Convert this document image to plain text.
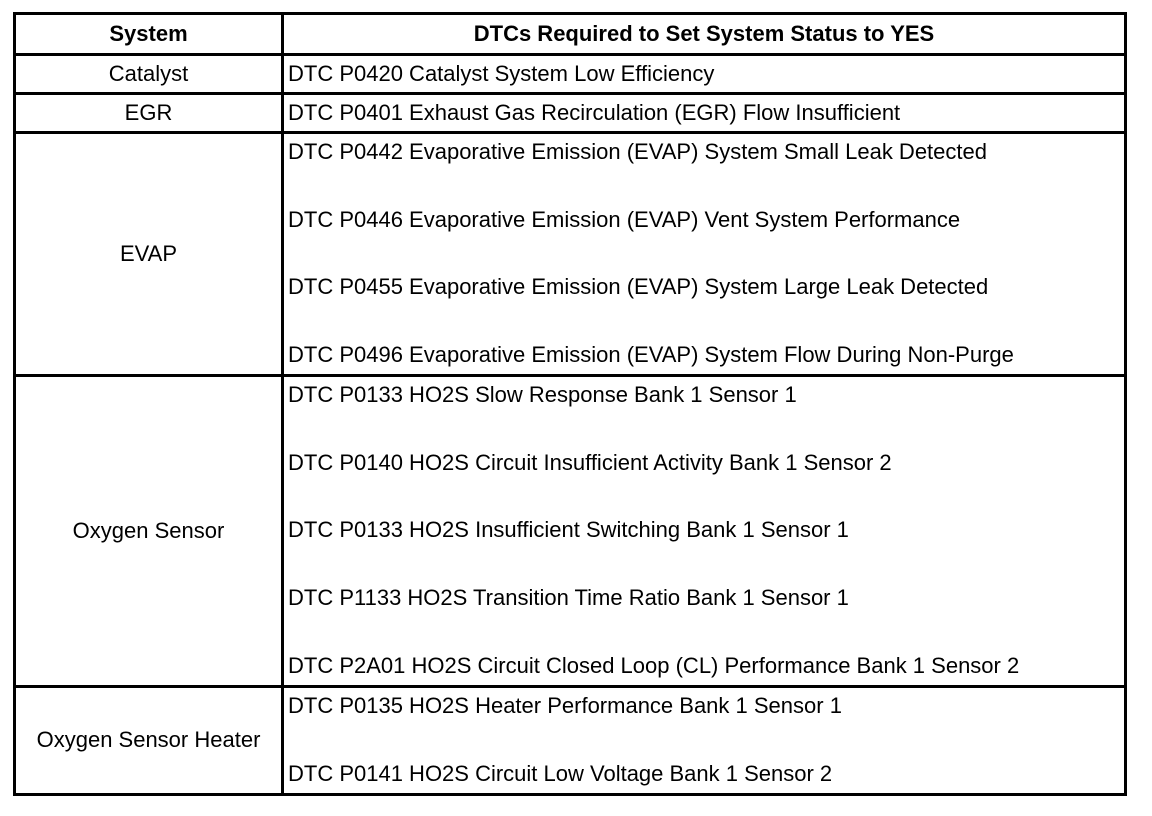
System	DTCs Required to Set System Status to YES
Catalyst	DTC P0420 Catalyst System Low Efficiency
EGR	DTC P0401 Exhaust Gas Recirculation (EGR) Flow Insufficient
EVAP	DTC P0442 Evaporative Emission (EVAP) System Small Leak Detected
DTC P0446 Evaporative Emission (EVAP) Vent System Performance
DTC P0455 Evaporative Emission (EVAP) System Large Leak Detected
DTC P0496 Evaporative Emission (EVAP) System Flow During Non-Purge

Oxygen Sensor	DTC P0133 HO2S Slow Response Bank 1 Sensor 1
DTC P0140 HO2S Circuit Insufficient Activity Bank 1 Sensor 2
DTC P0133 HO2S Insufficient Switching Bank 1 Sensor 1
DTC P1133 HO2S Transition Time Ratio Bank 1 Sensor 1
DTC P2A01 HO2S Circuit Closed Loop (CL) Performance Bank 1 Sensor 2

Oxygen Sensor Heater	DTC P0135 HO2S Heater Performance Bank 1 Sensor 1
DTC P0141 HO2S Circuit Low Voltage Bank 1 Sensor 2
